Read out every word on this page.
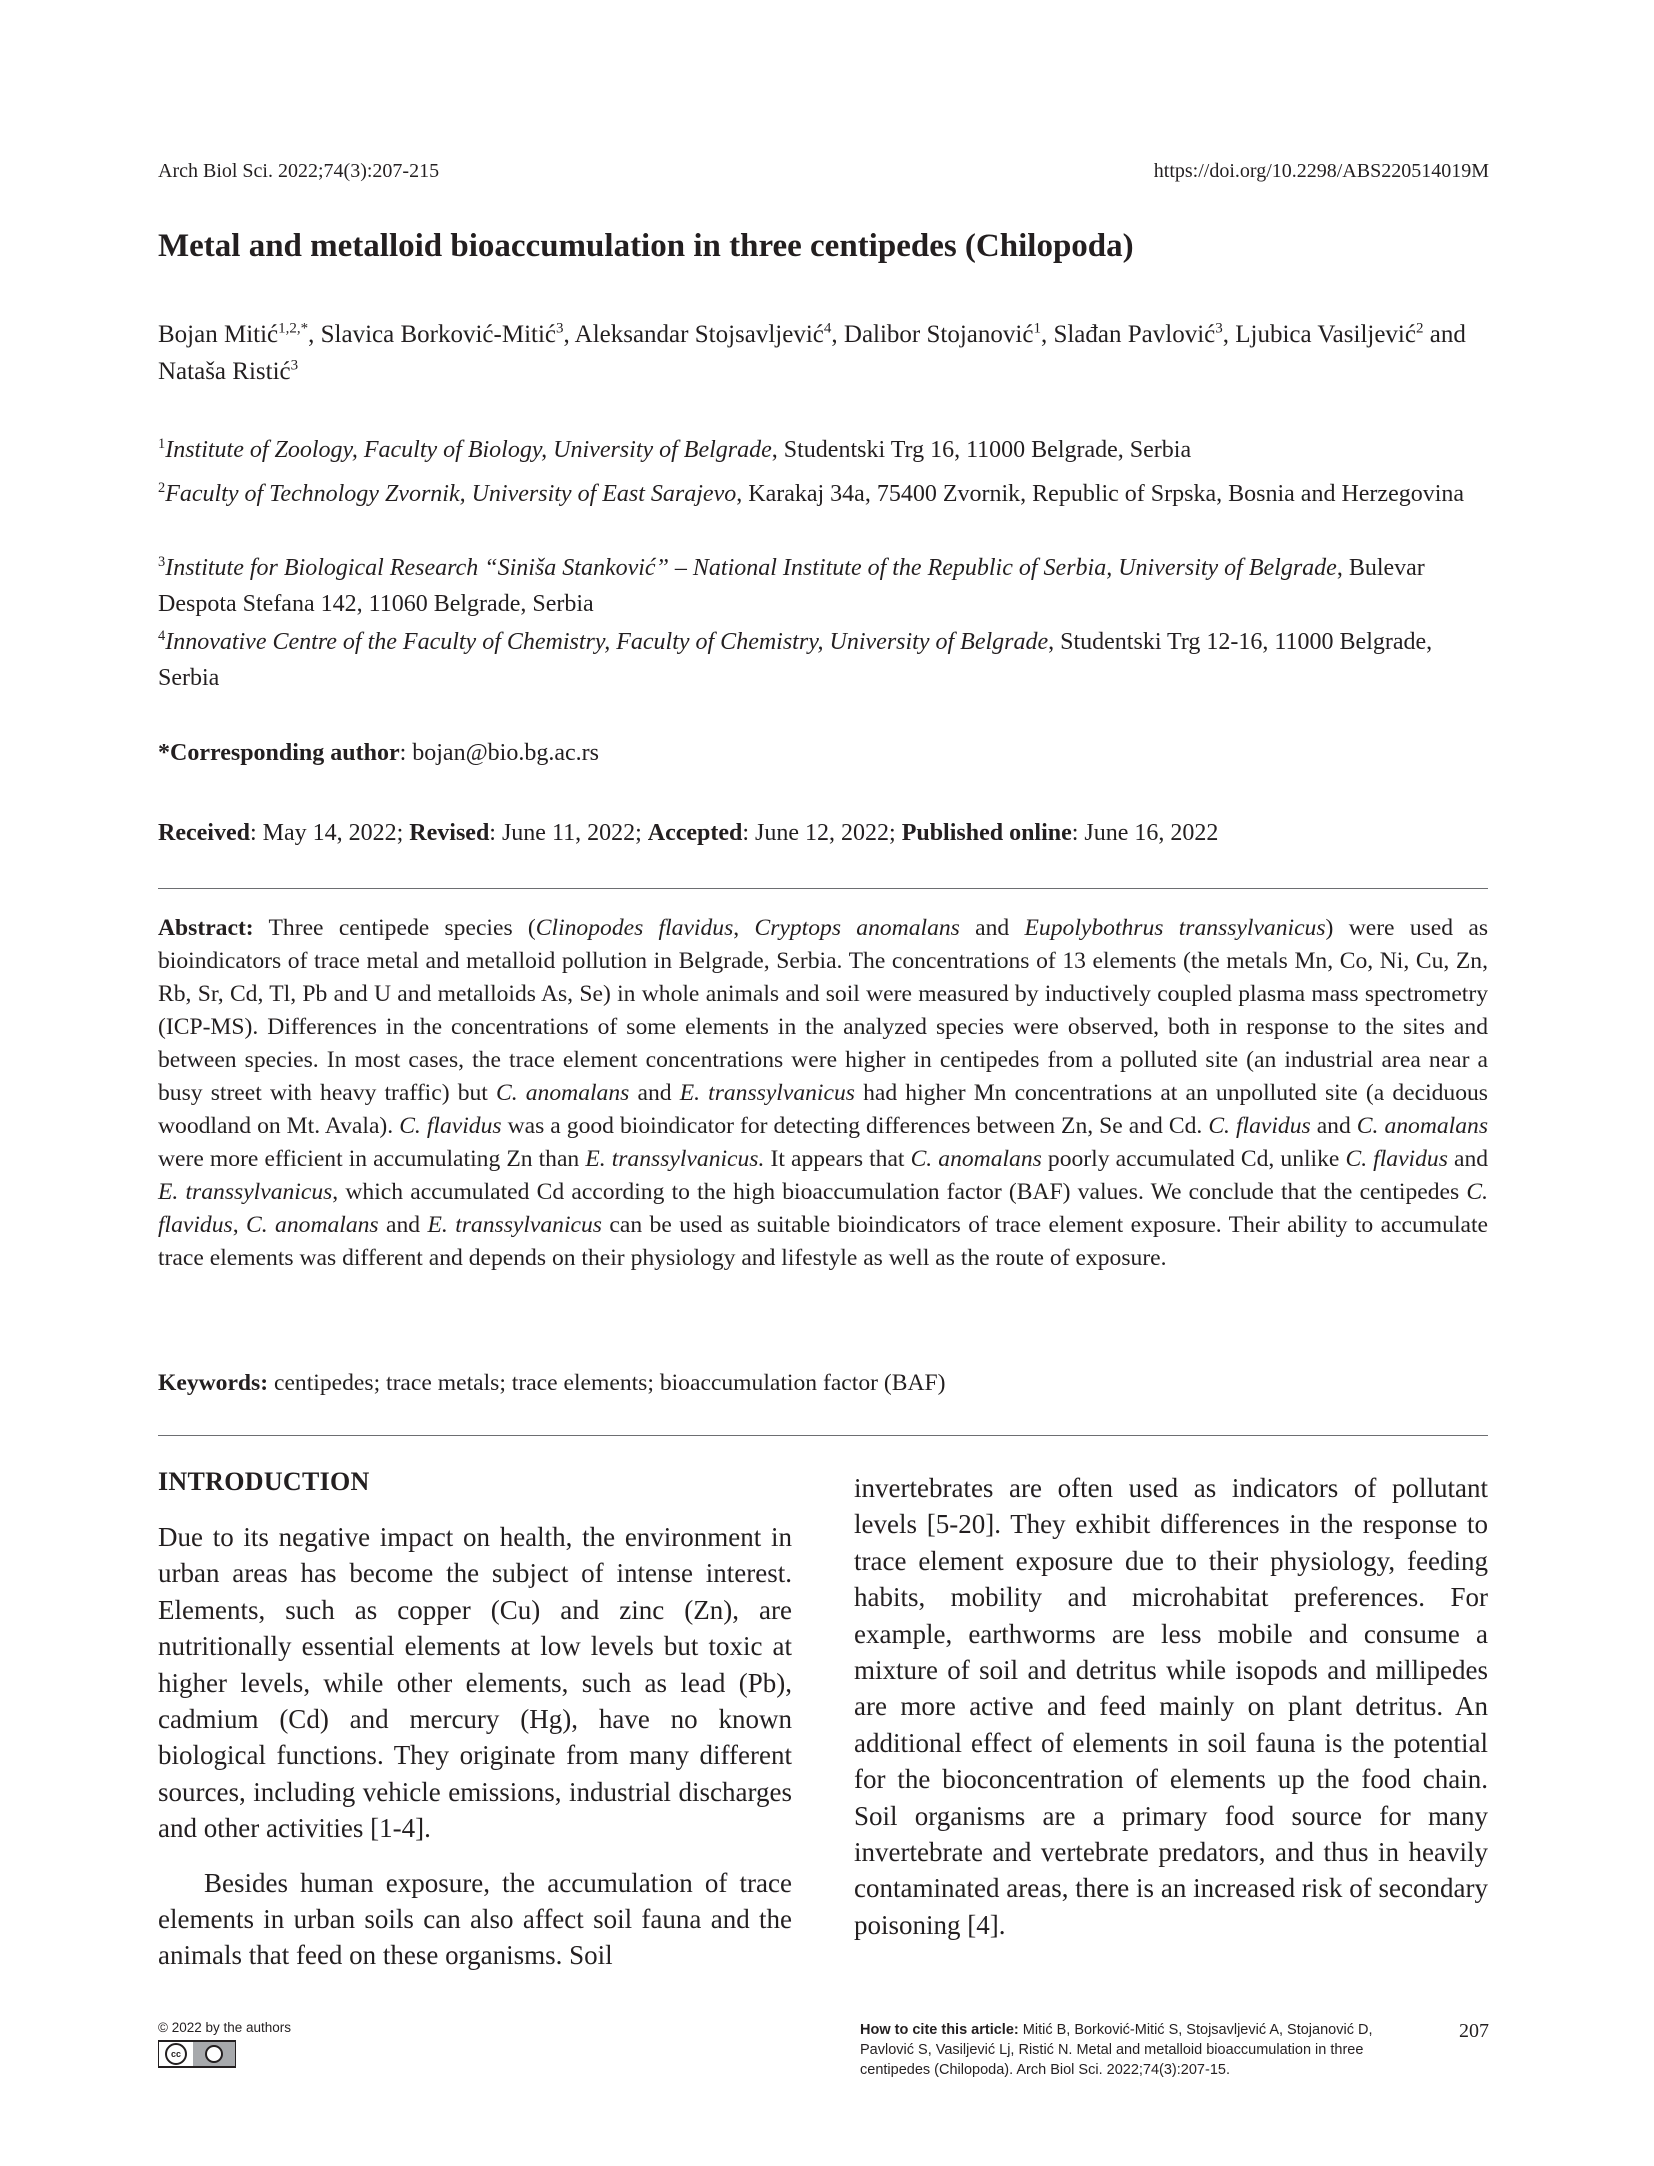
Arch Biol Sci. 2022;74(3):207-215	https://doi.org/10.2298/ABS220514019M
Metal and metalloid bioaccumulation in three centipedes (Chilopoda)
Bojan Mitić$^{1,2,*}$, Slavica Borković-Mitić$^3$, Aleksandar Stojsavljević$^4$, Dalibor Stojanović$^1$, Slađan Pavlović$^3$, Ljubica Vasiljević$^2$ and Nataša Ristić$^3$
$^1$Institute of Zoology, Faculty of Biology, University of Belgrade, Studentski Trg 16, 11000 Belgrade, Serbia
$^2$Faculty of Technology Zvornik, University of East Sarajevo, Karakaj 34a, 75400 Zvornik, Republic of Srpska, Bosnia and Herzegovina
$^3$Institute for Biological Research “Siniša Stanković” – National Institute of the Republic of Serbia, University of Belgrade, Bulevar Despota Stefana 142, 11060 Belgrade, Serbia
$^4$Innovative Centre of the Faculty of Chemistry, Faculty of Chemistry, University of Belgrade, Studentski Trg 12-16, 11000 Belgrade, Serbia
*Corresponding author: bojan@bio.bg.ac.rs
Received: May 14, 2022; Revised: June 11, 2022; Accepted: June 12, 2022; Published online: June 16, 2022
Abstract: Three centipede species (Clinopodes flavidus, Cryptops anomalans and Eupolybothrus transsylvanicus) were used as bioindicators of trace metal and metalloid pollution in Belgrade, Serbia. The concentrations of 13 elements (the metals Mn, Co, Ni, Cu, Zn, Rb, Sr, Cd, Tl, Pb and U and metalloids As, Se) in whole animals and soil were measured by inductively coupled plasma mass spectrometry (ICP-MS). Differences in the concentrations of some elements in the analyzed species were observed, both in response to the sites and between species. In most cases, the trace element concentrations were higher in centipedes from a polluted site (an industrial area near a busy street with heavy traffic) but C. anomalans and E. transsylvanicus had higher Mn concentrations at an unpolluted site (a deciduous woodland on Mt. Avala). C. flavidus was a good bioindicator for detecting differences between Zn, Se and Cd. C. flavidus and C. anomalans were more efficient in accumulating Zn than E. transsylvanicus. It appears that C. anomalans poorly accumulated Cd, unlike C. flavidus and E. transsylvanicus, which accumulated Cd according to the high bioaccumulation factor (BAF) values. We conclude that the centipedes C. flavidus, C. anomalans and E. transsylvanicus can be used as suitable bioindicators of trace element exposure. Their ability to accumulate trace elements was different and depends on their physiology and lifestyle as well as the route of exposure.
Keywords: centipedes; trace metals; trace elements; bioaccumulation factor (BAF)
INTRODUCTION

Due to its negative impact on health, the environment in urban areas has become the subject of intense interest. Elements, such as copper (Cu) and zinc (Zn), are nutritionally essential elements at low levels but toxic at higher levels, while other elements, such as lead (Pb), cadmium (Cd) and mercury (Hg), have no known biological functions. They originate from many different sources, including vehicle emissions, industrial discharges and other activities [1-4].

Besides human exposure, the accumulation of trace elements in urban soils can also affect soil fauna and the animals that feed on these organisms. Soil

invertebrates are often used as indicators of pollutant levels [5-20]. They exhibit differences in the response to trace element exposure due to their physiology, feeding habits, mobility and microhabitat preferences. For example, earthworms are less mobile and consume a mixture of soil and detritus while isopods and millipedes are more active and feed mainly on plant detritus. An additional effect of elements in soil fauna is the potential for the bioconcentration of elements up the food chain. Soil organisms are a primary food source for many invertebrate and vertebrate predators, and thus in heavily contaminated areas, there is an increased risk of secondary poisoning [4].

© 2022 by the authors
cc
How to cite this article: Mitić B, Borković-Mitić S, Stojsavljević A, Stojanović D, Pavlović S, Vasiljević Lj, Ristić N. Metal and metalloid bioaccumulation in three centipedes (Chilopoda). Arch Biol Sci. 2022;74(3):207-15.
207
